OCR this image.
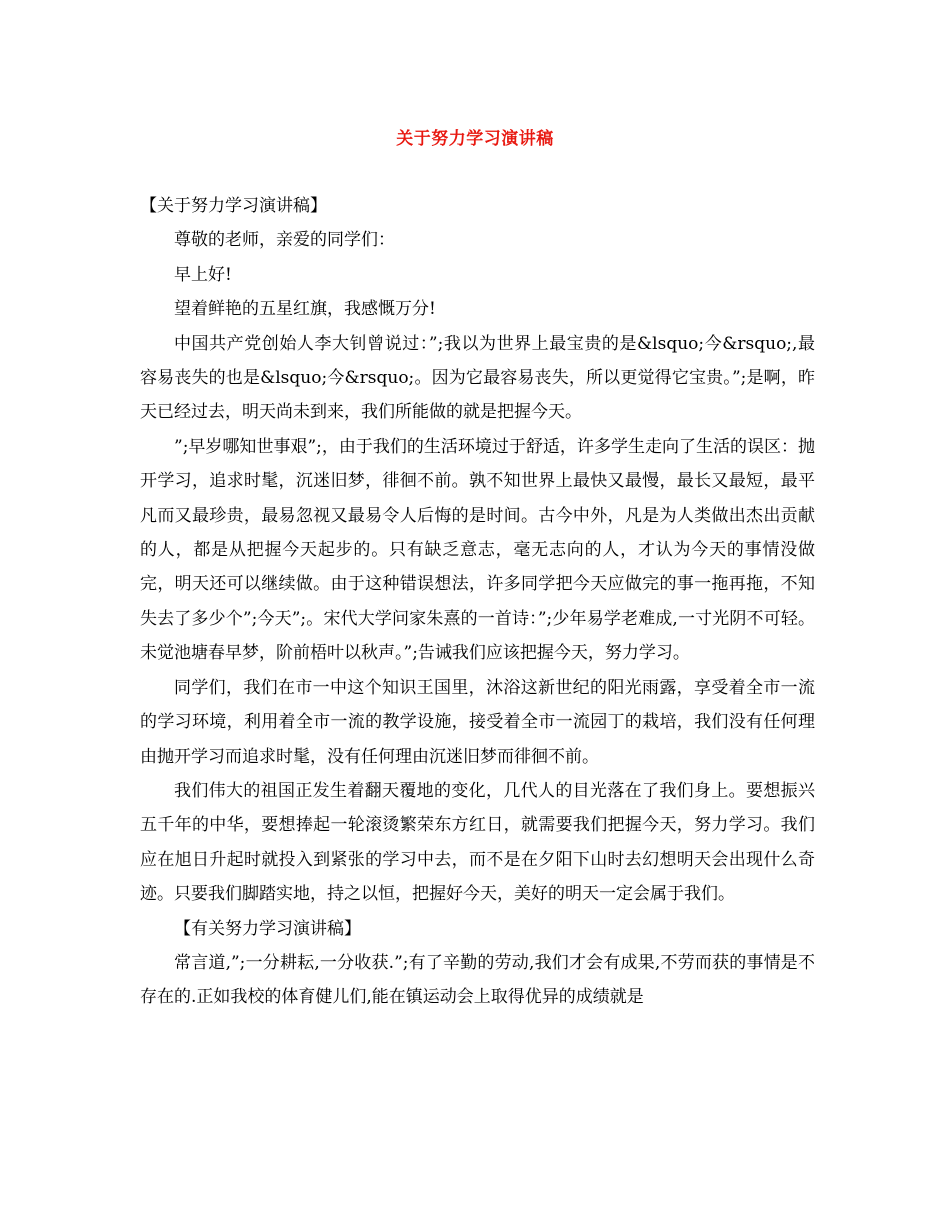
关于努力学习演讲稿

【关于努力学习演讲稿】

尊敬的老师，亲爱的同学们：

早上好!

望着鲜艳的五星红旗，我感慨万分!

中国共产党创始人李大钊曾说过：”;我以为世界上最宝贵的是&lsquo;今&rsquo;,最容易丧失的也是&lsquo;今&rsquo;。因为它最容易丧失，所以更觉得它宝贵。”;是啊，昨天已经过去，明天尚未到来，我们所能做的就是把握今天。

”;早岁哪知世事艰”;，由于我们的生活环境过于舒适，许多学生走向了生活的误区：抛开学习，追求时髦，沉迷旧梦，徘徊不前。孰不知世界上最快又最慢，最长又最短，最平凡而又最珍贵，最易忽视又最易令人后悔的是时间。古今中外，凡是为人类做出杰出贡献的人，都是从把握今天起步的。只有缺乏意志，毫无志向的人，才认为今天的事情没做完，明天还可以继续做。由于这种错误想法，许多同学把今天应做完的事一拖再拖，不知失去了多少个”;今天”;。宋代大学问家朱熹的一首诗：”;少年易学老难成,一寸光阴不可轻。未觉池塘春早梦，阶前梧叶以秋声。”;告诫我们应该把握今天，努力学习。

同学们，我们在市一中这个知识王国里，沐浴这新世纪的阳光雨露，享受着全市一流的学习环境，利用着全市一流的教学设施，接受着全市一流园丁的栽培，我们没有任何理由抛开学习而追求时髦，没有任何理由沉迷旧梦而徘徊不前。

我们伟大的祖国正发生着翻天覆地的变化，几代人的目光落在了我们身上。要想振兴五千年的中华，要想捧起一轮滚烫繁荣东方红日，就需要我们把握今天，努力学习。我们应在旭日升起时就投入到紧张的学习中去，而不是在夕阳下山时去幻想明天会出现什么奇迹。只要我们脚踏实地，持之以恒，把握好今天，美好的明天一定会属于我们。

【有关努力学习演讲稿】

常言道,”;一分耕耘,一分收获.”;有了辛勤的劳动,我们才会有成果,不劳而获的事情是不存在的.正如我校的体育健儿们,能在镇运动会上取得优异的成绩就是
